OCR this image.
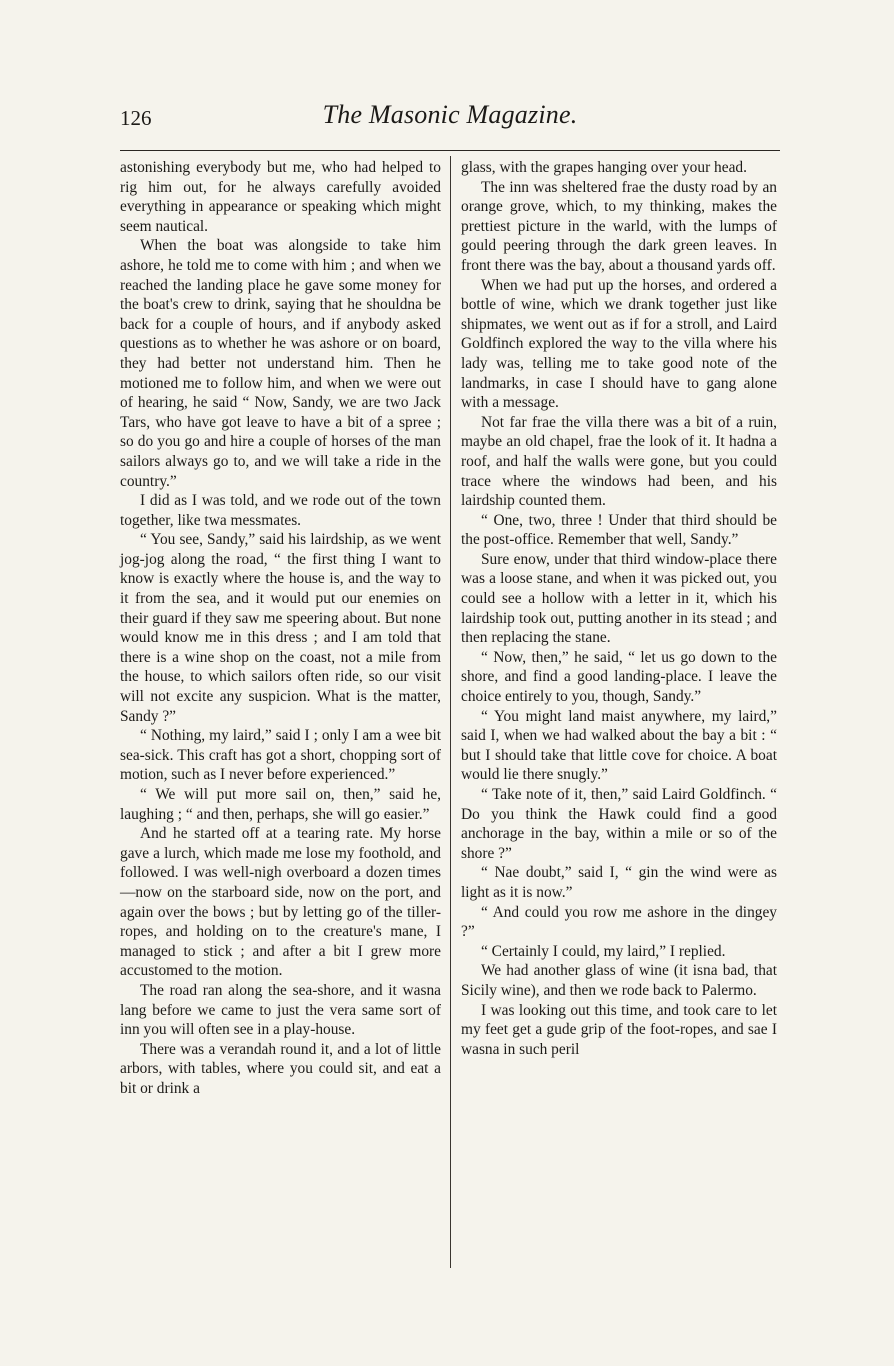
126	The Masonic Magazine.

astonishing everybody but me, who had helped to rig him out, for he always carefully avoided everything in appearance or speaking which might seem nautical.

When the boat was alongside to take him ashore, he told me to come with him ; and when we reached the landing place he gave some money for the boat's crew to drink, saying that he shouldna be back for a couple of hours, and if anybody asked questions as to whether he was ashore or on board, they had better not understand him. Then he motioned me to follow him, and when we were out of hearing, he said “ Now, Sandy, we are two Jack Tars, who have got leave to have a bit of a spree ; so do you go and hire a couple of horses of the man sailors always go to, and we will take a ride in the country.”

I did as I was told, and we rode out of the town together, like twa messmates.

“ You see, Sandy,” said his lairdship, as we went jog-jog along the road, “ the first thing I want to know is exactly where the house is, and the way to it from the sea, and it would put our enemies on their guard if they saw me speering about. But none would know me in this dress ; and I am told that there is a wine shop on the coast, not a mile from the house, to which sailors often ride, so our visit will not excite any suspicion. What is the matter, Sandy ?”

“ Nothing, my laird,” said I ; only I am a wee bit sea-sick. This craft has got a short, chopping sort of motion, such as I never before experienced.”

“ We will put more sail on, then,” said he, laughing ; “ and then, perhaps, she will go easier.”

And he started off at a tearing rate. My horse gave a lurch, which made me lose my foothold, and followed. I was well-nigh overboard a dozen times—now on the starboard side, now on the port, and again over the bows ; but by letting go of the tiller-ropes, and holding on to the creature's mane, I managed to stick ; and after a bit I grew more accustomed to the motion.

The road ran along the sea-shore, and it wasna lang before we came to just the vera same sort of inn you will often see in a play-house.

There was a verandah round it, and a lot of little arbors, with tables, where you could sit, and eat a bit or drink a

glass, with the grapes hanging over your head.

The inn was sheltered frae the dusty road by an orange grove, which, to my thinking, makes the prettiest picture in the warld, with the lumps of gould peering through the dark green leaves. In front there was the bay, about a thousand yards off.

When we had put up the horses, and ordered a bottle of wine, which we drank together just like shipmates, we went out as if for a stroll, and Laird Goldfinch explored the way to the villa where his lady was, telling me to take good note of the landmarks, in case I should have to gang alone with a message.

Not far frae the villa there was a bit of a ruin, maybe an old chapel, frae the look of it. It hadna a roof, and half the walls were gone, but you could trace where the windows had been, and his lairdship counted them.

“ One, two, three ! Under that third should be the post-office. Remember that well, Sandy.”

Sure enow, under that third window-place there was a loose stane, and when it was picked out, you could see a hollow with a letter in it, which his lairdship took out, putting another in its stead ; and then replacing the stane.

“ Now, then,” he said, “ let us go down to the shore, and find a good landing-place. I leave the choice entirely to you, though, Sandy.”

“ You might land maist anywhere, my laird,” said I, when we had walked about the bay a bit : “ but I should take that little cove for choice. A boat would lie there snugly.”

“ Take note of it, then,” said Laird Goldfinch. “ Do you think the Hawk could find a good anchorage in the bay, within a mile or so of the shore ?”

“ Nae doubt,” said I, “ gin the wind were as light as it is now.”

“ And could you row me ashore in the dingey ?”

“ Certainly I could, my laird,” I replied.

We had another glass of wine (it isna bad, that Sicily wine), and then we rode back to Palermo.

I was looking out this time, and took care to let my feet get a gude grip of the foot-ropes, and sae I wasna in such peril
